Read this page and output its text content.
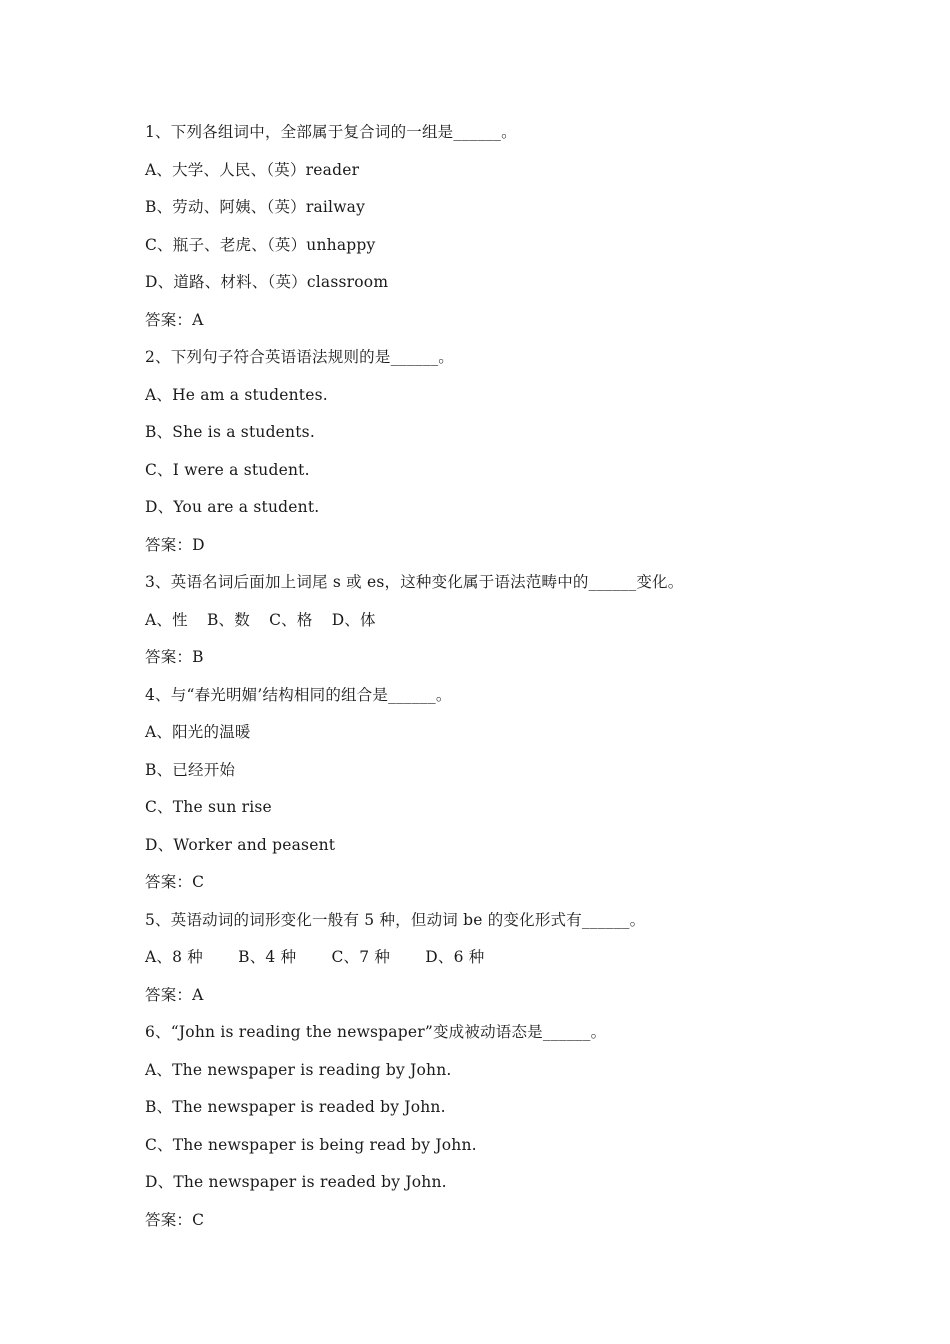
1、下列各组词中，全部属于复合词的一组是______。
A、大学、人民、（英）reader
B、劳动、阿姨、（英）railway
C、瓶子、老虎、（英）unhappy
D、道路、材料、（英）classroom
答案：A
2、下列句子符合英语语法规则的是______。
A、He am a studentes.
B、She is a students.
C、I were a student.
D、You are a student.
答案：D
3、英语名词后面加上词尾 s 或 es，这种变化属于语法范畴中的______变化。
A、性 B、数 C、格 D、体
答案：B
4、与“春光明媚’结构相同的组合是______。
A、阳光的温暖
B、已经开始
C、The sun rise
D、Worker and peasent
答案：C
5、英语动词的词形变化一般有 5 种，但动词 be 的变化形式有______。
A、8 种 B、4 种 C、7 种 D、6 种
答案：A
6、“John is reading the newspaper”变成被动语态是______。
A、The newspaper is reading by John.
B、The newspaper is readed by John.
C、The newspaper is being read by John.
D、The newspaper is readed by John.
答案：C
